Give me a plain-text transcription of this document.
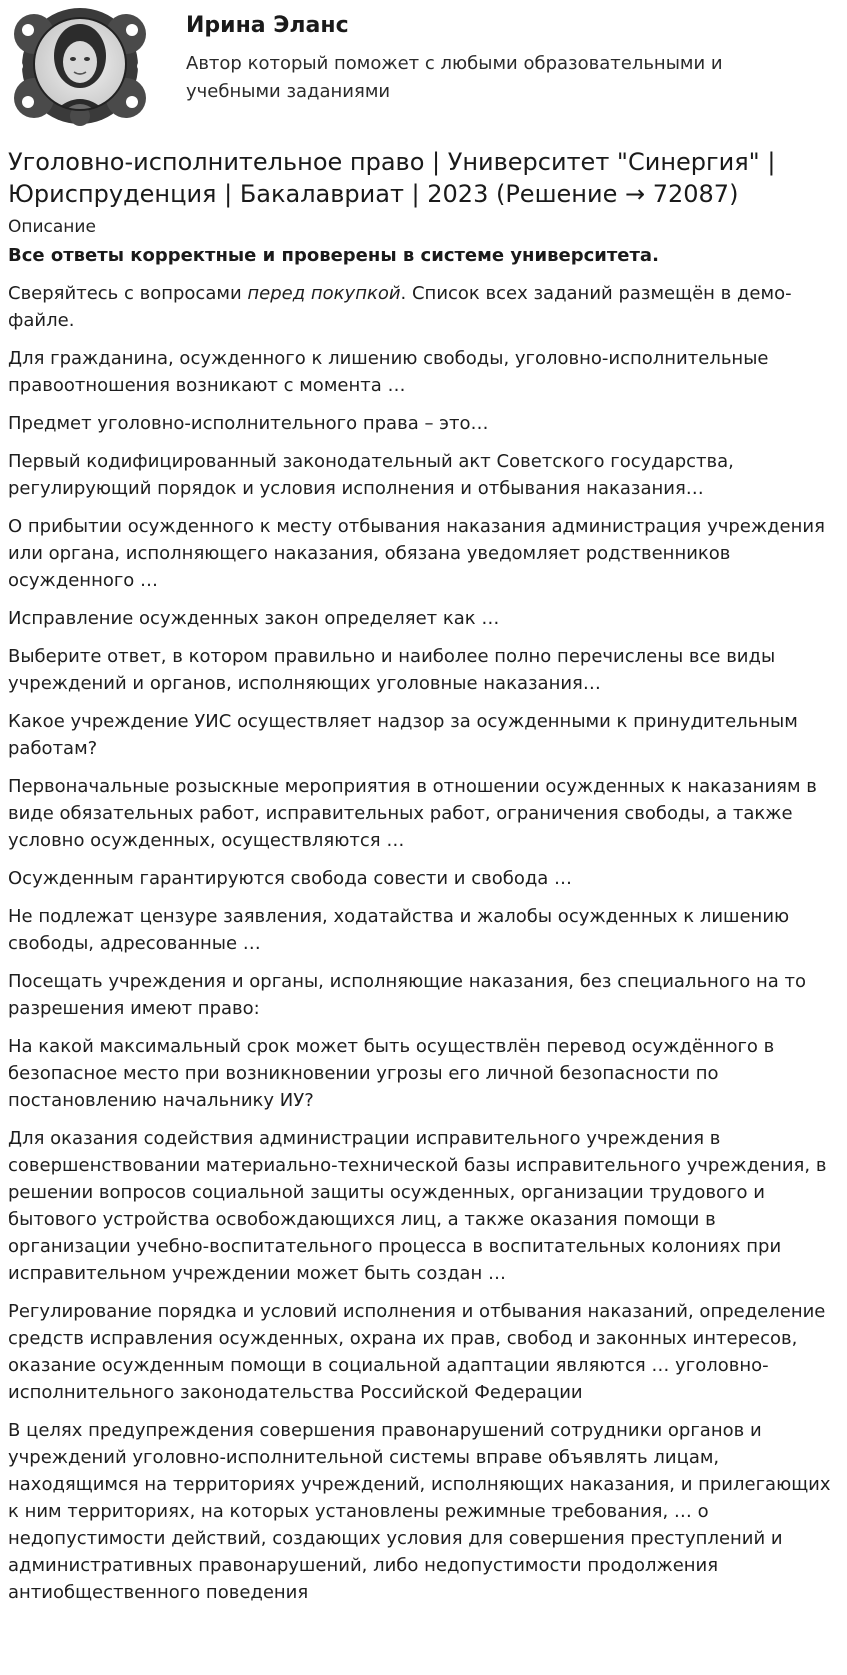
Ирина Эланс
Автор который поможет с любыми образовательными и учебными заданиями
Уголовно-исполнительное право | Университет "Синергия" | Юриспруденция | Бакалавриат | 2023 (Решение → 72087)
Описание
Все ответы корректные и проверены в системе университета.

Сверяйтесь с вопросами перед покупкой. Список всех заданий размещён в демо-файле.

Для гражданина, осужденного к лишению свободы, уголовно-исполнительные правоотношения возникают с момента …

Предмет уголовно-исполнительного права – это…

Первый кодифицированный законодательный акт Советского государства, регулирующий порядок и условия исполнения и отбывания наказания…

О прибытии осужденного к месту отбывания наказания администрация учреждения или органа, исполняющего наказания, обязана уведомляет родственников осужденного …

Исправление осужденных закон определяет как …

Выберите ответ, в котором правильно и наиболее полно перечислены все виды учреждений и органов, исполняющих уголовные наказания…

Какое учреждение УИС осуществляет надзор за осужденными к принудительным работам?

Первоначальные розыскные мероприятия в отношении осужденных к наказаниям в виде обязательных работ, исправительных работ, ограничения свободы, а также условно осужденных, осуществляются …

Осужденным гарантируются свобода совести и свобода …

Не подлежат цензуре заявления, ходатайства и жалобы осужденных к лишению свободы, адресованные …

Посещать учреждения и органы, исполняющие наказания, без специального на то разрешения имеют право:

На какой максимальный срок может быть осуществлён перевод осуждённого в безопасное место при возникновении угрозы его личной безопасности по постановлению начальнику ИУ?

Для оказания содействия администрации исправительного учреждения в совершенствовании материально-технической базы исправительного учреждения, в решении вопросов социальной защиты осужденных, организации трудового и бытового устройства освобождающихся лиц, а также оказания помощи в организации учебно-воспитательного процесса в воспитательных колониях при исправительном учреждении может быть создан …

Регулирование порядка и условий исполнения и отбывания наказаний, определение средств исправления осужденных, охрана их прав, свобод и законных интересов, оказание осужденным помощи в социальной адаптации являются … уголовно-исполнительного законодательства Российской Федерации

В целях предупреждения совершения правонарушений сотрудники органов и учреждений уголовно-исполнительной системы вправе объявлять лицам, находящимся на территориях учреждений, исполняющих наказания, и прилегающих к ним территориях, на которых установлены режимные требования, … о недопустимости действий, создающих условия для совершения преступлений и административных правонарушений, либо недопустимости продолжения антиобщественного поведения
